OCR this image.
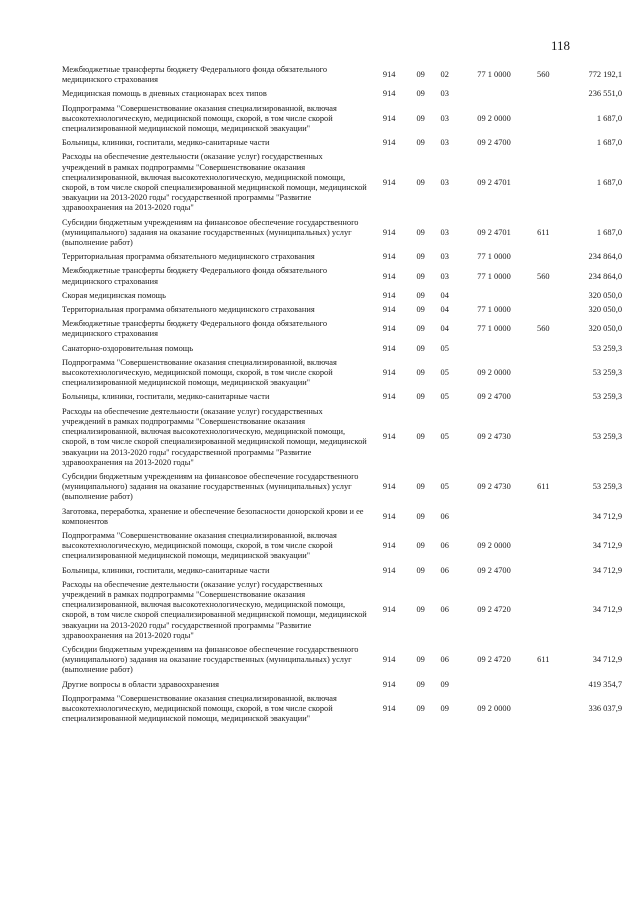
118
Межбюджетные трансферты бюджету Федерального фонда обязательного медицинского страхования	914	09	02	77 1 0000	560	772 192,1
Медицинская помощь в дневных стационарах всех типов	914	09	03			236 551,0
Подпрограмма "Совершенствование оказания специализированной, включая высокотехнологическую, медицинской помощи, скорой, в том числе скорой специализированной медицинской помощи, медицинской эвакуации"	914	09	03	09 2 0000		1 687,0
Больницы, клиники, госпитали, медико-санитарные части	914	09	03	09 2 4700		1 687,0
Расходы на обеспечение деятельности (оказание услуг) государственных учреждений в рамках подпрограммы "Совершенствование оказания специализированной, включая высокотехнологическую, медицинской помощи, скорой, в том числе скорой специализированной медицинской помощи, медицинской эвакуации на 2013-2020 годы" государственной программы "Развитие здравоохранения на 2013-2020 годы"	914	09	03	09 2 4701		1 687,0
Субсидии бюджетным учреждениям на финансовое обеспечение государственного (муниципального) задания на оказание государственных (муниципальных) услуг (выполнение работ)	914	09	03	09 2 4701	611	1 687,0
Территориальная программа обязательного медицинского страхования	914	09	03	77 1 0000		234 864,0
Межбюджетные трансферты бюджету Федерального фонда обязательного медицинского страхования	914	09	03	77 1 0000	560	234 864,0
Скорая медицинская помощь	914	09	04			320 050,0
Территориальная программа обязательного медицинского страхования	914	09	04	77 1 0000		320 050,0
Межбюджетные трансферты бюджету Федерального фонда обязательного медицинского страхования	914	09	04	77 1 0000	560	320 050,0
Санаторно-оздоровительная помощь	914	09	05			53 259,3
Подпрограмма "Совершенствование оказания специализированной, включая высокотехнологическую, медицинской помощи, скорой, в том числе скорой специализированной медицинской помощи, медицинской эвакуации"	914	09	05	09 2 0000		53 259,3
Больницы, клиники, госпитали, медико-санитарные части	914	09	05	09 2 4700		53 259,3
Расходы на обеспечение деятельности (оказание услуг) государственных учреждений в рамках подпрограммы "Совершенствование оказания специализированной, включая высокотехнологическую, медицинской помощи, скорой, в том числе скорой специализированной медицинской помощи, медицинской эвакуации на 2013-2020 годы" государственной программы "Развитие здравоохранения на 2013-2020 годы"	914	09	05	09 2 4730		53 259,3
Субсидии бюджетным учреждениям на финансовое обеспечение государственного (муниципального) задания на оказание государственных (муниципальных) услуг (выполнение работ)	914	09	05	09 2 4730	611	53 259,3
Заготовка, переработка, хранение и обеспечение безопасности донорской крови и ее компонентов	914	09	06			34 712,9
Подпрограмма "Совершенствование оказания специализированной, включая высокотехнологическую, медицинской помощи, скорой, в том числе скорой специализированной медицинской помощи, медицинской эвакуации"	914	09	06	09 2 0000		34 712,9
Больницы, клиники, госпитали, медико-санитарные части	914	09	06	09 2 4700		34 712,9
Расходы на обеспечение деятельности (оказание услуг) государственных учреждений в рамках подпрограммы "Совершенствование оказания специализированной, включая высокотехнологическую, медицинской помощи, скорой, в том числе скорой специализированной медицинской помощи, медицинской эвакуации на 2013-2020 годы" государственной программы "Развитие здравоохранения на 2013-2020 годы"	914	09	06	09 2 4720		34 712,9
Субсидии бюджетным учреждениям на финансовое обеспечение государственного (муниципального) задания на оказание государственных (муниципальных) услуг (выполнение работ)	914	09	06	09 2 4720	611	34 712,9
Другие вопросы в области здравоохранения	914	09	09			419 354,7
Подпрограмма "Совершенствование оказания специализированной, включая высокотехнологическую, медицинской помощи, скорой, в том числе скорой специализированной медицинской помощи, медицинской эвакуации"	914	09	09	09 2 0000		336 037,9
